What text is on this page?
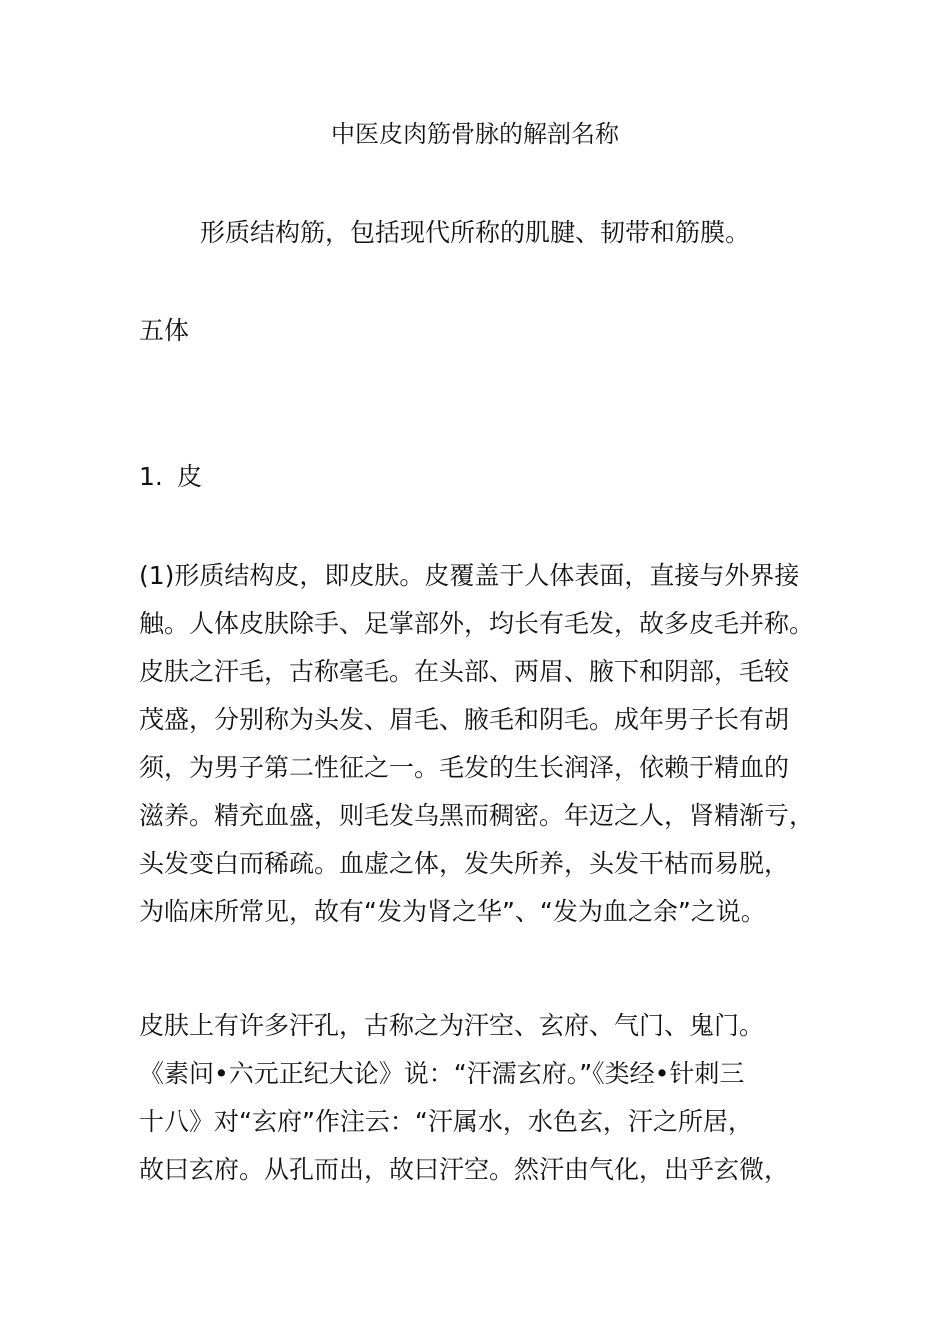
中医皮肉筋骨脉的解剖名称
形质结构筋，包括现代所称的肌腱、韧带和筋膜。
五体
1. 皮
(1)形质结构皮，即皮肤。皮覆盖于人体表面，直接与外界接
触。人体皮肤除手、足掌部外，均长有毛发，故多皮毛并称。
皮肤之汗毛，古称毫毛。在头部、两眉、腋下和阴部，毛较
茂盛，分别称为头发、眉毛、腋毛和阴毛。成年男子长有胡
须，为男子第二性征之一。毛发的生长润泽，依赖于精血的
滋养。精充血盛，则毛发乌黑而稠密。年迈之人，肾精渐亏，
头发变白而稀疏。血虚之体，发失所养，头发干枯而易脱，
为临床所常见，故有“发为肾之华”、“发为血之余”之说。
皮肤上有许多汗孔，古称之为汗空、玄府、气门、鬼门。
《素问•六元正纪大论》说：“汗濡玄府。”《类经•针刺三
十八》对“玄府”作注云：“汗属水，水色玄，汗之所居，
故曰玄府。从孔而出，故曰汗空。然汗由气化，出乎玄微，
